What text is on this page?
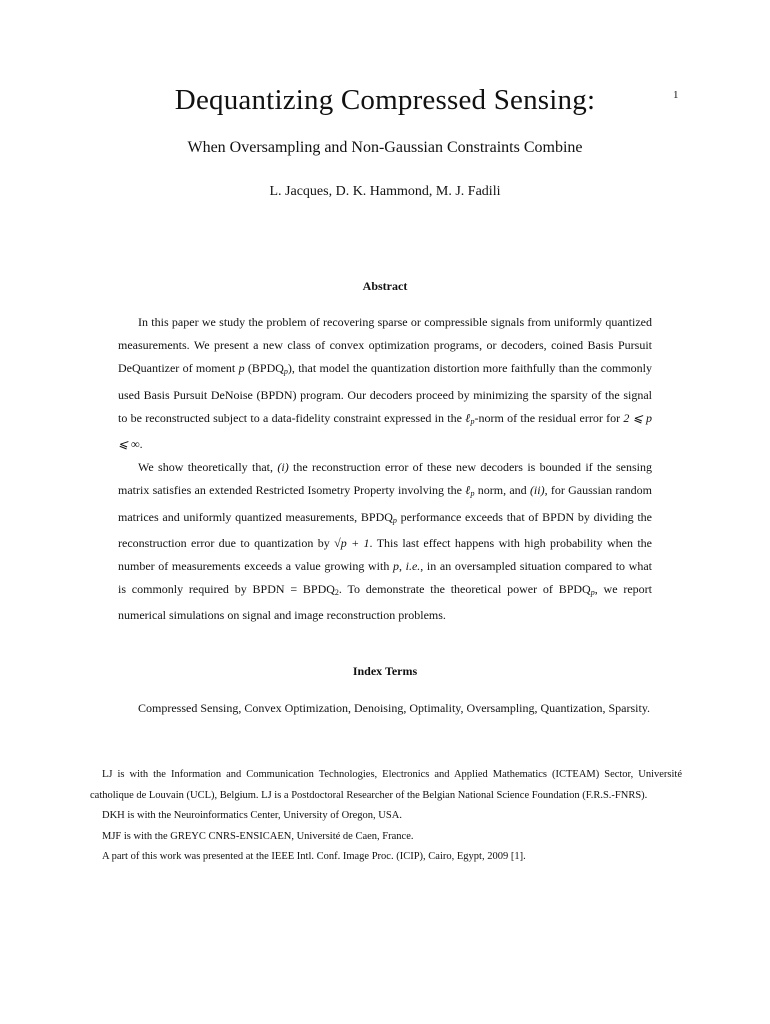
1
Dequantizing Compressed Sensing:
When Oversampling and Non-Gaussian Constraints Combine
L. Jacques, D. K. Hammond, M. J. Fadili
Abstract

In this paper we study the problem of recovering sparse or compressible signals from uniformly quantized measurements. We present a new class of convex optimization programs, or decoders, coined Basis Pursuit DeQuantizer of moment p $(BPDQ_p)$, that model the quantization distortion more faithfully than the commonly used Basis Pursuit DeNoise (BPDN) program. Our decoders proceed by minimizing the sparsity of the signal to be reconstructed subject to a data-fidelity constraint expressed in the ℓ$_p$-norm of the residual error for 2 ⩽ p ⩽ ∞.

We show theoretically that, (i) the reconstruction error of these new decoders is bounded if the sensing matrix satisfies an extended Restricted Isometry Property involving the ℓ$_p$ norm, and (ii), for Gaussian random matrices and uniformly quantized measurements, $BPDQ_p$ performance exceeds that of BPDN by dividing the reconstruction error due to quantization by √p + 1. This last effect happens with high probability when the number of measurements exceeds a value growing with p, i.e., in an oversampled situation compared to what is commonly required by BPDN = BPDQ2. To demonstrate the theoretical power of $BPDQ_p$, we report numerical simulations on signal and image reconstruction problems.

Index Terms

Compressed Sensing, Convex Optimization, Denoising, Optimality, Oversampling, Quantization, Sparsity.

LJ is with the Information and Communication Technologies, Electronics and Applied Mathematics (ICTEAM) Sector, Université catholique de Louvain (UCL), Belgium. LJ is a Postdoctoral Researcher of the Belgian National Science Foundation (F.R.S.-FNRS).

DKH is with the Neuroinformatics Center, University of Oregon, USA.

MJF is with the GREYC CNRS-ENSICAEN, Université de Caen, France.

A part of this work was presented at the IEEE Intl. Conf. Image Proc. (ICIP), Cairo, Egypt, 2009 [1].
